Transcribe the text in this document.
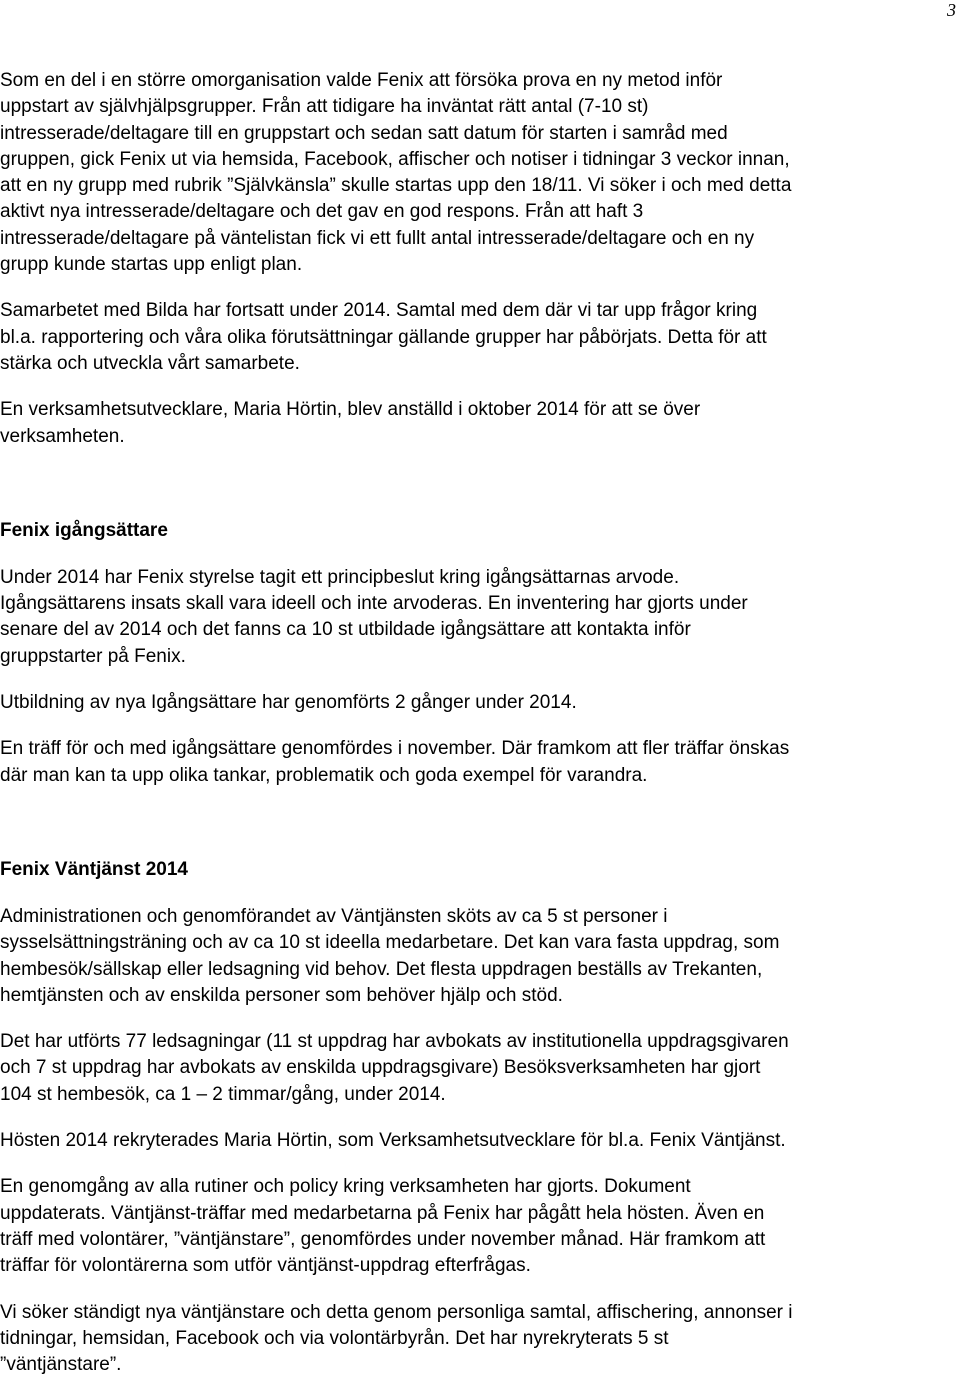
3

Som en del i en större omorganisation valde Fenix att försöka prova en ny metod inför
uppstart av självhjälpsgrupper. Från att tidigare ha inväntat rätt antal (7-10 st)
intresserade/deltagare till en gruppstart och sedan satt datum för starten i samråd med
gruppen, gick Fenix ut via hemsida, Facebook, affischer och notiser i tidningar 3 veckor innan,
att en ny grupp med rubrik ”Självkänsla” skulle startas upp den 18/11. Vi söker i och med detta
aktivt nya intresserade/deltagare och det gav en god respons. Från att haft 3
intresserade/deltagare på väntelistan fick vi ett fullt antal intresserade/deltagare och en ny
grupp kunde startas upp enligt plan.

Samarbetet med Bilda har fortsatt under 2014. Samtal med dem där vi tar upp frågor kring
bl.a. rapportering och våra olika förutsättningar gällande grupper har påbörjats. Detta för att
stärka och utveckla vårt samarbete.

En verksamhetsutvecklare, Maria Hörtin, blev anställd i oktober 2014 för att se över
verksamheten.

Fenix igångsättare

Under 2014 har Fenix styrelse tagit ett principbeslut kring igångsättarnas arvode.
Igångsättarens insats skall vara ideell och inte arvoderas. En inventering har gjorts under
senare del av 2014 och det fanns ca 10 st utbildade igångsättare att kontakta inför
gruppstarter på Fenix.

Utbildning av nya Igångsättare har genomförts 2 gånger under 2014.

En träff för och med igångsättare genomfördes i november. Där framkom att fler träffar önskas
där man kan ta upp olika tankar, problematik och goda exempel för varandra.

Fenix Väntjänst 2014

Administrationen och genomförandet av Väntjänsten sköts av ca 5 st personer i
sysselsättningsträning och av ca 10 st ideella medarbetare. Det kan vara fasta uppdrag, som
hembesök/sällskap eller ledsagning vid behov. Det flesta uppdragen beställs av Trekanten,
hemtjänsten och av enskilda personer som behöver hjälp och stöd.

Det har utförts 77 ledsagningar (11 st uppdrag har avbokats av institutionella uppdragsgivaren
och 7 st uppdrag har avbokats av enskilda uppdragsgivare) Besöksverksamheten har gjort
104 st hembesök, ca 1 – 2 timmar/gång, under 2014.

Hösten 2014 rekryterades Maria Hörtin, som Verksamhetsutvecklare för bl.a. Fenix Väntjänst.

En genomgång av alla rutiner och policy kring verksamheten har gjorts. Dokument
uppdaterats. Väntjänst-träffar med medarbetarna på Fenix har pågått hela hösten. Även en
träff med volontärer, ”väntjänstare”, genomfördes under november månad. Här framkom att
träffar för volontärerna som utför väntjänst-uppdrag efterfrågas.

Vi söker ständigt nya väntjänstare och detta genom personliga samtal, affischering, annonser i
tidningar, hemsidan, Facebook och via volontärbyrån. Det har nyrekryterats 5 st
”väntjänstare”.
